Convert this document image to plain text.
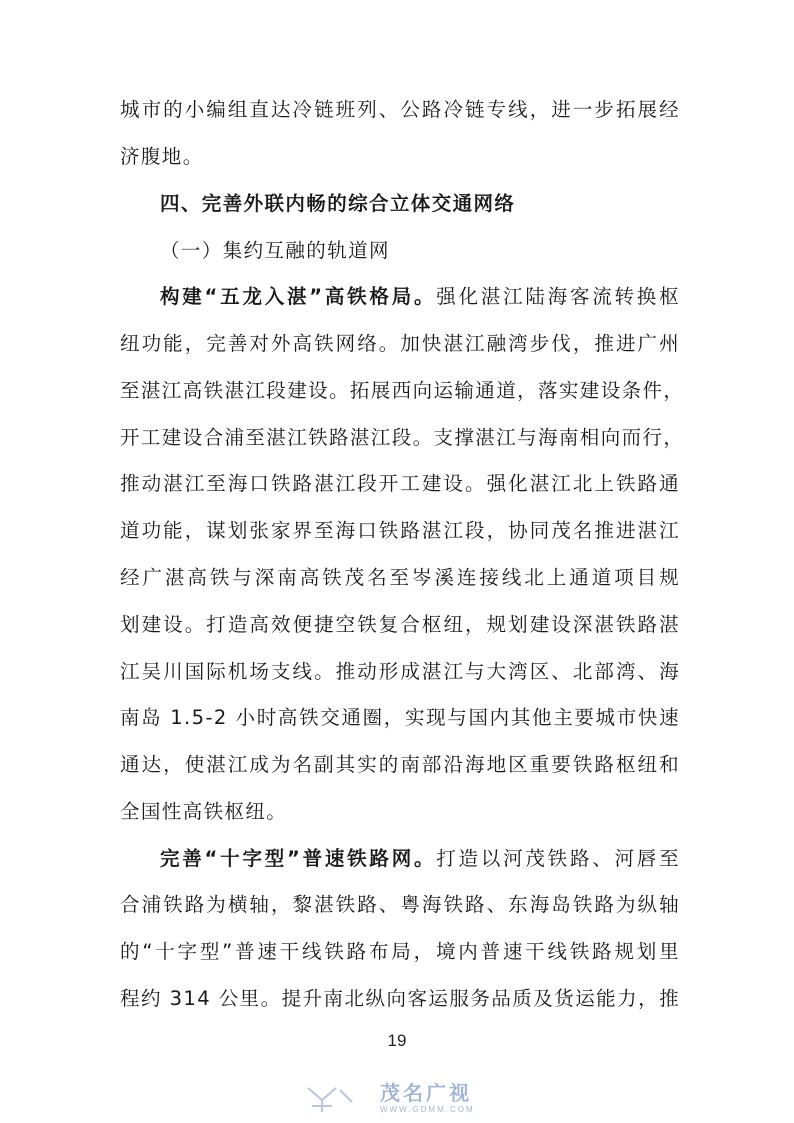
城市的小编组直达冷链班列、公路冷链专线，进一步拓展经
济腹地。
四、完善外联内畅的综合立体交通网络
（一）集约互融的轨道网
构建“五龙入湛”高铁格局。强化湛江陆海客流转换枢
纽功能，完善对外高铁网络。加快湛江融湾步伐，推进广州
至湛江高铁湛江段建设。拓展西向运输通道，落实建设条件，
开工建设合浦至湛江铁路湛江段。支撑湛江与海南相向而行，
推动湛江至海口铁路湛江段开工建设。强化湛江北上铁路通
道功能，谋划张家界至海口铁路湛江段，协同茂名推进湛江
经广湛高铁与深南高铁茂名至岑溪连接线北上通道项目规
划建设。打造高效便捷空铁复合枢纽，规划建设深湛铁路湛
江吴川国际机场支线。推动形成湛江与大湾区、北部湾、海
南岛 1.5-2 小时高铁交通圈，实现与国内其他主要城市快速
通达，使湛江成为名副其实的南部沿海地区重要铁路枢纽和
全国性高铁枢纽。
完善“十字型”普速铁路网。打造以河茂铁路、河唇至
合浦铁路为横轴，黎湛铁路、粤海铁路、东海岛铁路为纵轴
的“十字型”普速干线铁路布局，境内普速干线铁路规划里
程约 314 公里。提升南北纵向客运服务品质及货运能力，推
19
茂名广视
WWW.GDMM.COM
